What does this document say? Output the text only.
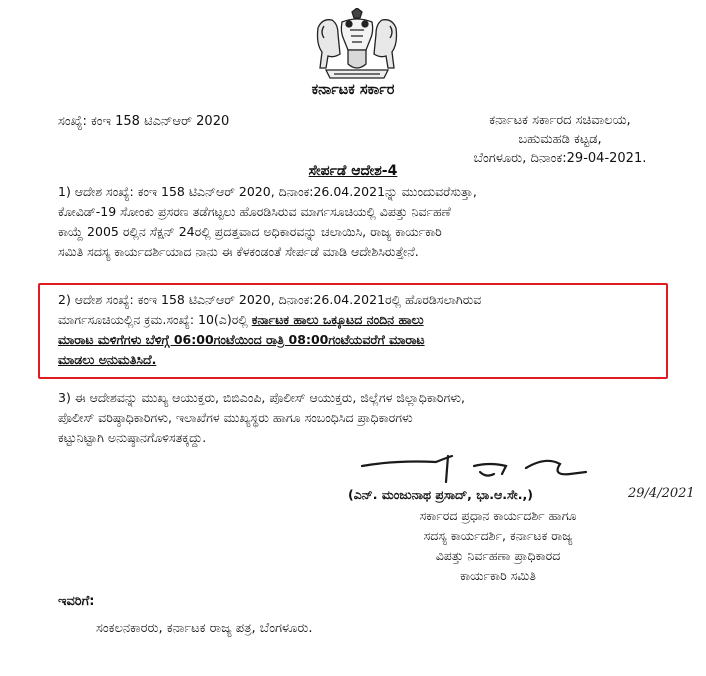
ಕರ್ನಾಟಕ ಸರ್ಕಾರ
ಸಂಖ್ಯೆ: ಕಂಇ 158 ಟಿಎನ್ಆರ್ 2020	ಕರ್ನಾಟಕ ಸರ್ಕಾರದ ಸಚಿವಾಲಯ,
ಬಹುಮಹಡಿ ಕಟ್ಟಡ,
ಬೆಂಗಳೂರು, ದಿನಾಂಕ:29-04-2021.
ಸೇರ್ಪಡೆ ಆದೇಶ-4
1) ಆದೇಶ ಸಂಖ್ಯೆ: ಕಂಇ 158 ಟಿಎನ್ಆರ್ 2020, ದಿನಾಂಕ:26.04.2021ನ್ನು ಮುಂದುವರೆಸುತ್ತಾ,
ಕೋವಿಡ್-19 ಸೋಂಕು ಪ್ರಸರಣ ತಡೆಗಟ್ಟಲು ಹೊರಡಿಸಿರುವ ಮಾರ್ಗಸೂಚಿಯಲ್ಲಿ ವಿಪತ್ತು ನಿರ್ವಹಣೆ
ಕಾಯ್ದೆ 2005 ರಲ್ಲಿನ ಸೆಕ್ಷನ್ 24ರಲ್ಲಿ ಪ್ರದತ್ತವಾದ ಅಧಿಕಾರವನ್ನು ಚಲಾಯಿಸಿ, ರಾಜ್ಯ ಕಾರ್ಯಕಾರಿ
ಸಮಿತಿ ಸದಸ್ಯ ಕಾರ್ಯದರ್ಶಿಯಾದ ನಾನು ಈ ಕೆಳಕಂಡಂತೆ ಸೇರ್ಪಡೆ ಮಾಡಿ ಆದೇಶಿಸಿರುತ್ತೇನೆ.
2) ಆದೇಶ ಸಂಖ್ಯೆ: ಕಂಇ 158 ಟಿಎನ್ಆರ್ 2020, ದಿನಾಂಕ:26.04.2021ರಲ್ಲಿ ಹೊರಡಿಸಲಾಗಿರುವ
ಮಾರ್ಗಸೂಚಿಯಲ್ಲಿನ ಕ್ರಮ.ಸಂಖ್ಯೆ: 10(ಎ)ರಲ್ಲಿ ಕರ್ನಾಟಕ ಹಾಲು ಒಕ್ಕೂಟದ ನಂದಿನ ಹಾಲು
ಮಾರಾಟ ಮಳಿಗೆಗಳು ಬೆಳಿಗ್ಗೆ 06:00ಗಂಟೆಯಿಂದ ರಾತ್ರಿ 08:00ಗಂಟೆಯವರೆಗೆ ಮಾರಾಟ
ಮಾಡಲು ಅನುಮತಿಸಿದೆ.
3) ಈ ಆದೇಶವನ್ನು ಮುಖ್ಯ ಆಯುಕ್ತರು, ಬಿಬಿಎಂಪಿ, ಪೊಲೀಸ್ ಆಯುಕ್ತರು, ಜಿಲ್ಲೆಗಳ ಜಿಲ್ಲಾಧಿಕಾರಿಗಳು,
ಪೊಲೀಸ್ ವರಿಷ್ಠಾಧಿಕಾರಿಗಳು, ಇಲಾಖೆಗಳ ಮುಖ್ಯಸ್ಥರು ಹಾಗೂ ಸಂಬಂಧಿಸಿದ ಪ್ರಾಧಿಕಾರಗಳು
ಕಟ್ಟುನಿಟ್ಟಾಗಿ ಅನುಷ್ಠಾನಗೊಳಿಸತಕ್ಕದ್ದು.
29/4/2021
(ಎನ್. ಮಂಜುನಾಥ ಪ್ರಸಾದ್, ಭಾ.ಆ.ಸೇ.,)
ಸರ್ಕಾರದ ಪ್ರಧಾನ ಕಾರ್ಯದರ್ಶಿ ಹಾಗೂ
ಸದಸ್ಯ ಕಾರ್ಯದರ್ಶಿ, ಕರ್ನಾಟಕ ರಾಜ್ಯ
ವಿಪತ್ತು ನಿರ್ವಹಣಾ ಪ್ರಾಧಿಕಾರದ
ಕಾರ್ಯಕಾರಿ ಸಮಿತಿ
ಇವರಿಗೆ:
ಸಂಕಲನಕಾರರು, ಕರ್ನಾಟಕ ರಾಜ್ಯ ಪತ್ರ, ಬೆಂಗಳೂರು.
